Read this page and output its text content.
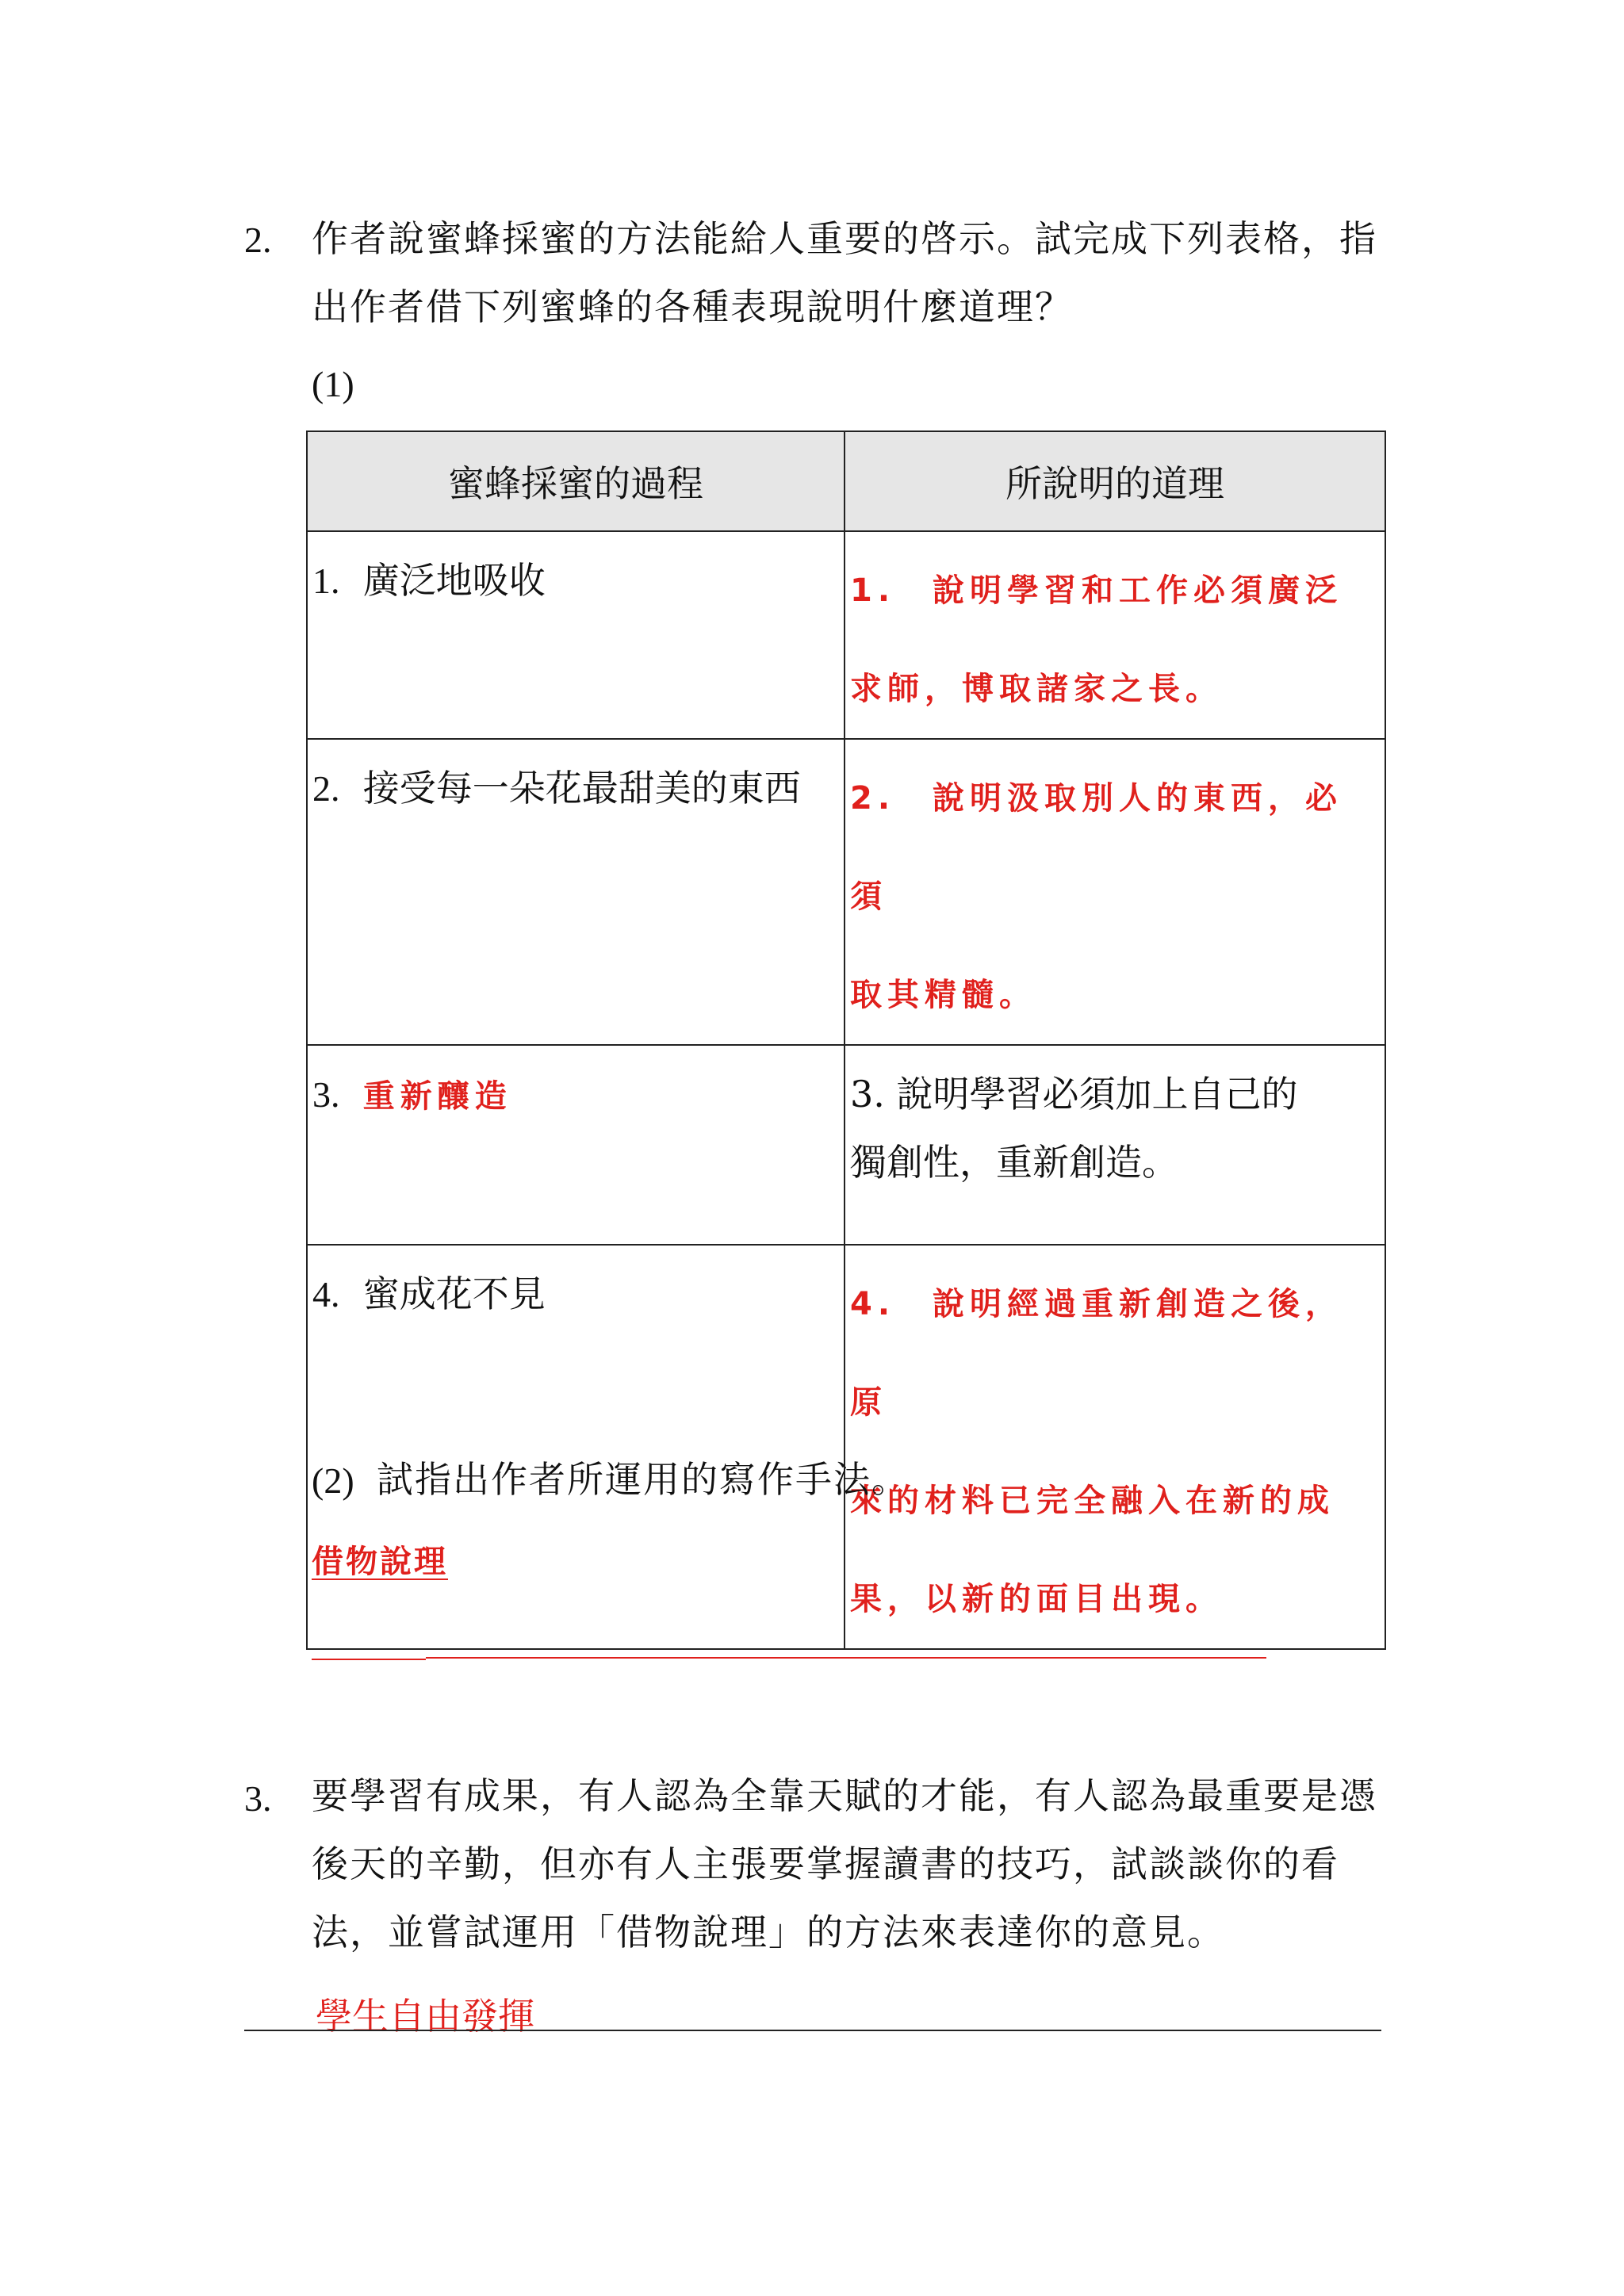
2. 作者說蜜蜂採蜜的方法能給人重要的啓示。試完成下列表格，指
出作者借下列蜜蜂的各種表現說明什麼道理？
(1)
蜜蜂採蜜的過程	所說明的道理
1. 廣泛地吸收	1.　說明學習和工作必須廣泛
求師，博取諸家之長。

2. 接受每一朵花最甜美的東西	2.　說明汲取別人的東西，必須
取其精髓。

3. 重新釀造	3. 說明學習必須加上自己的
獨創性，重新創造。

4. 蜜成花不見	4.　說明經過重新創造之後，原
來的材料已完全融入在新的成
果，以新的面目出現。
(2) 試指出作者所運用的寫作手法。
借物說理
3. 要學習有成果，有人認為全靠天賦的才能，有人認為最重要是憑
後天的辛勤，但亦有人主張要掌握讀書的技巧，試談談你的看
法，並嘗試運用「借物說理」的方法來表達你的意見。
學生自由發揮
